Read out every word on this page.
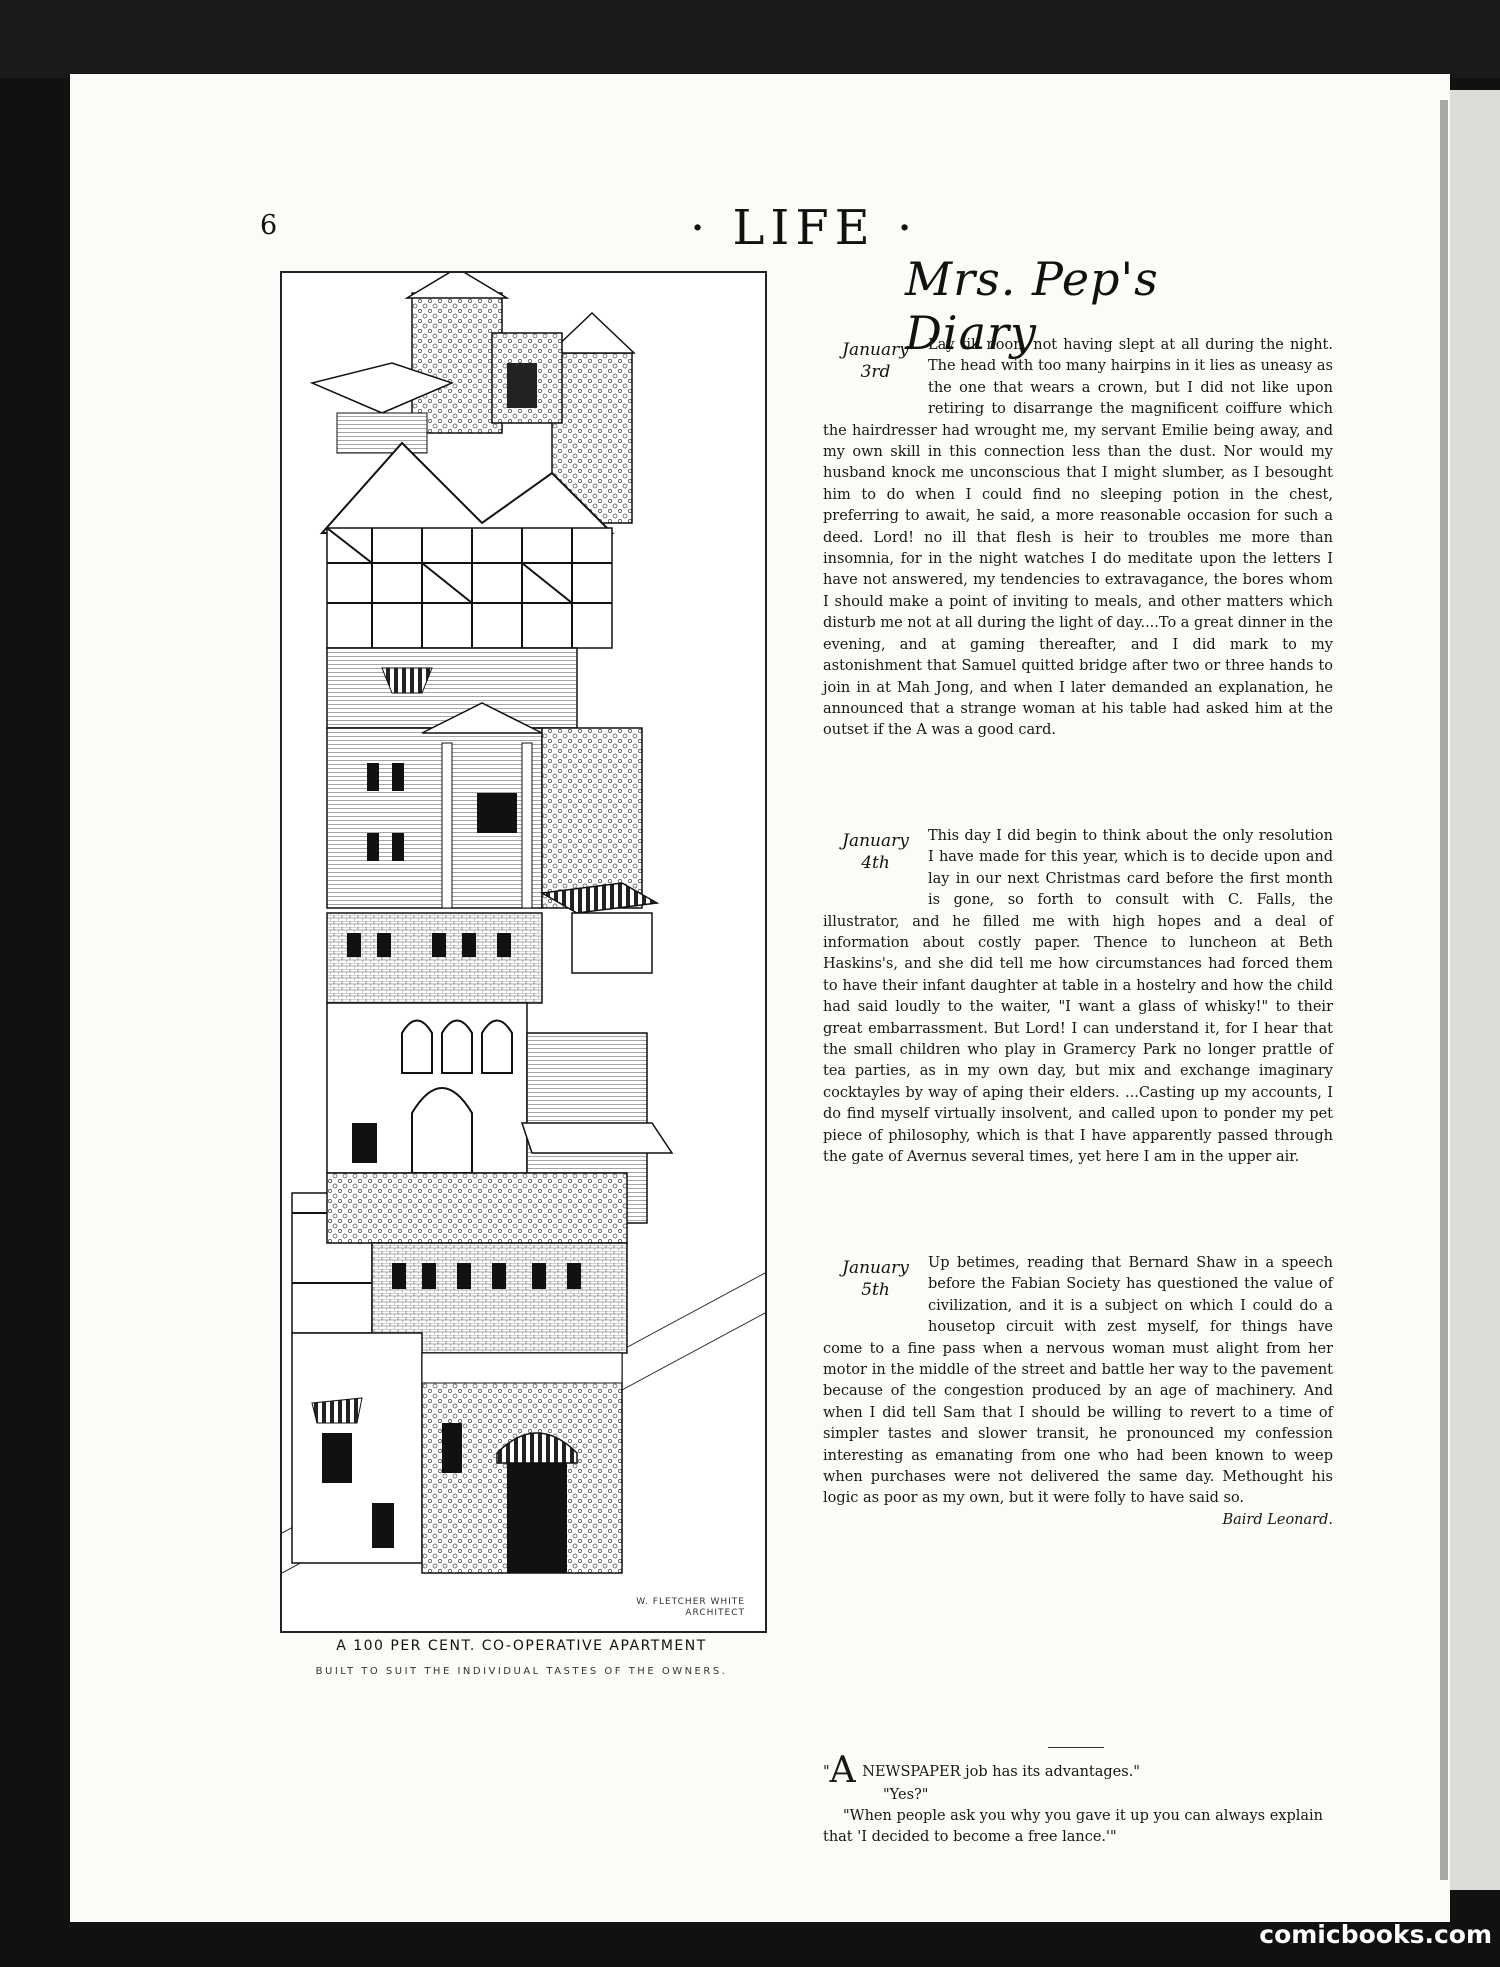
6	· LIFE ·
W. FLETCHER WHITE
ARCHITECT
A 100 PER CENT. CO-OPERATIVE APARTMENT
BUILT TO SUIT THE INDIVIDUAL TASTES OF THE OWNERS.
Mrs. Pep's Diary
January
3rd

Lay till noon, not having slept at all during the night. The head with too many hairpins in it lies as uneasy as the one that wears a crown, but I did not like upon retiring to disarrange the magnificent coiffure which the hairdresser had wrought me, my servant Emilie being away, and my own skill in this connection less than the dust. Nor would my husband knock me unconscious that I might slumber, as I besought him to do when I could find no sleeping potion in the chest, preferring to await, he said, a more reasonable occasion for such a deed. Lord! no ill that flesh is heir to troubles me more than insomnia, for in the night watches I do meditate upon the letters I have not answered, my tendencies to extravagance, the bores whom I should make a point of inviting to meals, and other matters which disturb me not at all during the light of day....To a great dinner in the evening, and at gaming thereafter, and I did mark to my astonishment that Samuel quitted bridge after two or three hands to join in at Mah Jong, and when I later demanded an explanation, he announced that a strange woman at his table had asked him at the outset if the A was a good card.

January
4th

This day I did begin to think about the only resolution I have made for this year, which is to decide upon and lay in our next Christmas card before the first month is gone, so forth to consult with C. Falls, the illustrator, and he filled me with high hopes and a deal of information about costly paper. Thence to luncheon at Beth Haskins's, and she did tell me how circumstances had forced them to have their infant daughter at table in a hostelry and how the child had said loudly to the waiter, "I want a glass of whisky!" to their great embarrassment. But Lord! I can understand it, for I hear that the small children who play in Gramercy Park no longer prattle of tea parties, as in my own day, but mix and exchange imaginary cocktayles by way of aping their elders. ...Casting up my accounts, I do find myself virtually insolvent, and called upon to ponder my pet piece of philosophy, which is that I have apparently passed through the gate of Avernus several times, yet here I am in the upper air.

January
5th

Up betimes, reading that Bernard Shaw in a speech before the Fabian Society has questioned the value of civilization, and it is a subject on which I could do a housetop circuit with zest myself, for things have come to a fine pass when a nervous woman must alight from her motor in the middle of the street and battle her way to the pavement because of the congestion produced by an age of machinery. And when I did tell Sam that I should be willing to revert to a time of simpler tastes and slower transit, he pronounced my confession interesting as emanating from one who had been known to weep when purchases were not delivered the same day. Methought his logic as poor as my own, but it were folly to have said so.
Baird Leonard.

"A NEWSPAPER job has its advantages."

"Yes?"

"When people ask you why you gave it up you can always explain that 'I decided to become a free lance.'"

comicbooks.com
